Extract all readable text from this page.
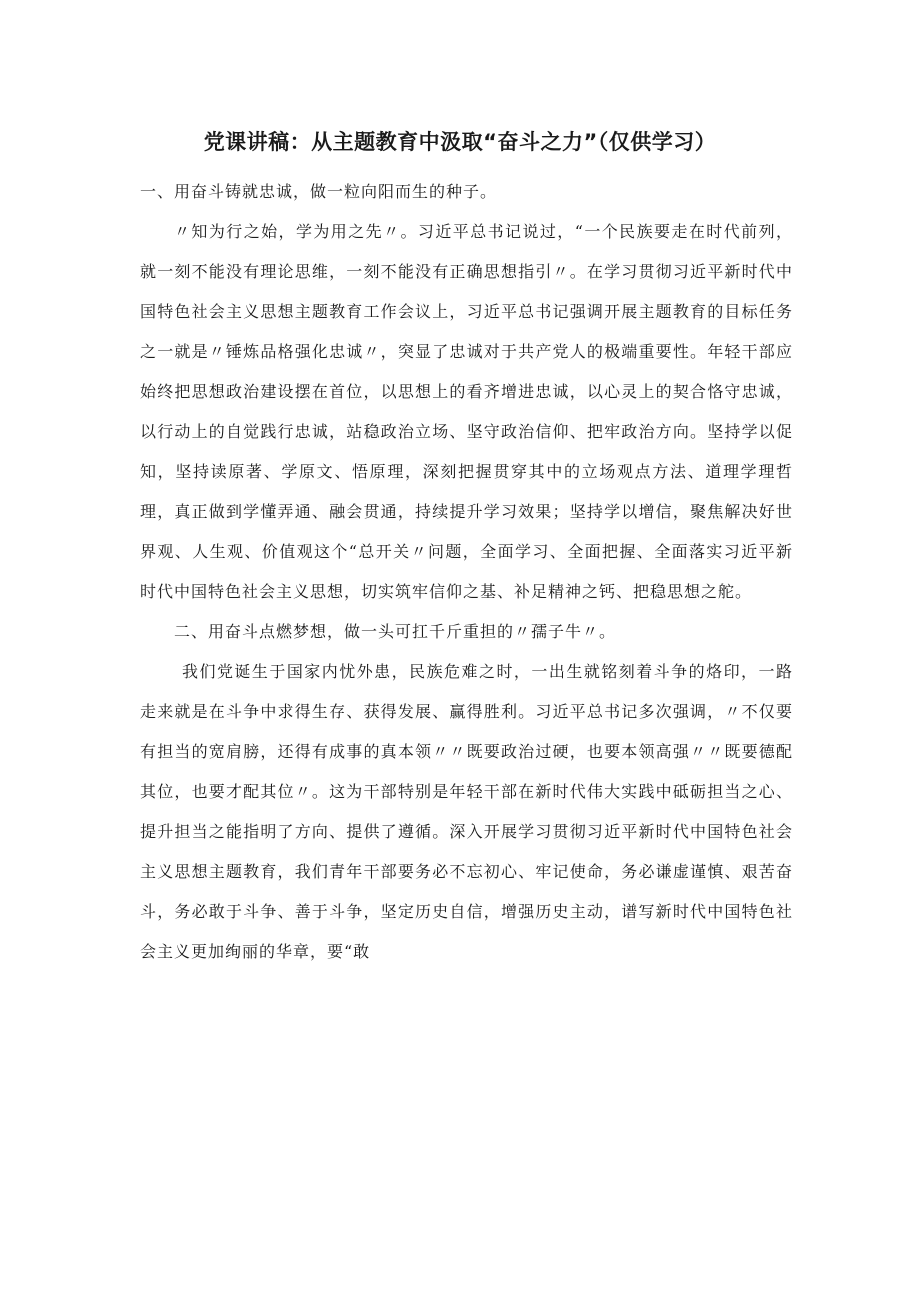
党课讲稿：从主题教育中汲取“奋斗之力”（仅供学习）

一、用奋斗铸就忠诚，做一粒向阳而生的种子。

〃知为行之始，学为用之先〃。习近平总书记说过，“一个民族要走在时代前列，就一刻不能没有理论思维，一刻不能没有正确思想指引〃。在学习贯彻习近平新时代中国特色社会主义思想主题教育工作会议上，习近平总书记强调开展主题教育的目标任务之一就是〃锤炼品格强化忠诚〃，突显了忠诚对于共产党人的极端重要性。年轻干部应始终把思想政治建设摆在首位，以思想上的看齐增进忠诚，以心灵上的契合恪守忠诚，以行动上的自觉践行忠诚，站稳政治立场、坚守政治信仰、把牢政治方向。坚持学以促知，坚持读原著、学原文、悟原理，深刻把握贯穿其中的立场观点方法、道理学理哲理，真正做到学懂弄通、融会贯通，持续提升学习效果；坚持学以增信，聚焦解决好世界观、人生观、价值观这个“总开关〃问题，全面学习、全面把握、全面落实习近平新时代中国特色社会主义思想，切实筑牢信仰之基、补足精神之钙、把稳思想之舵。

二、用奋斗点燃梦想，做一头可扛千斤重担的〃孺子牛〃。

我们党诞生于国家内忧外患，民族危难之时，一出生就铭刻着斗争的烙印，一路走来就是在斗争中求得生存、获得发展、赢得胜利。习近平总书记多次强调，〃不仅要有担当的宽肩膀，还得有成事的真本领〃〃既要政治过硬，也要本领高强〃〃既要德配其位，也要才配其位〃。这为干部特别是年轻干部在新时代伟大实践中砥砺担当之心、提升担当之能指明了方向、提供了遵循。深入开展学习贯彻习近平新时代中国特色社会主义思想主题教育，我们青年干部要务必不忘初心、牢记使命，务必谦虚谨慎、艰苦奋斗，务必敢于斗争、善于斗争，坚定历史自信，增强历史主动，谱写新时代中国特色社会主义更加绚丽的华章，要“敢
